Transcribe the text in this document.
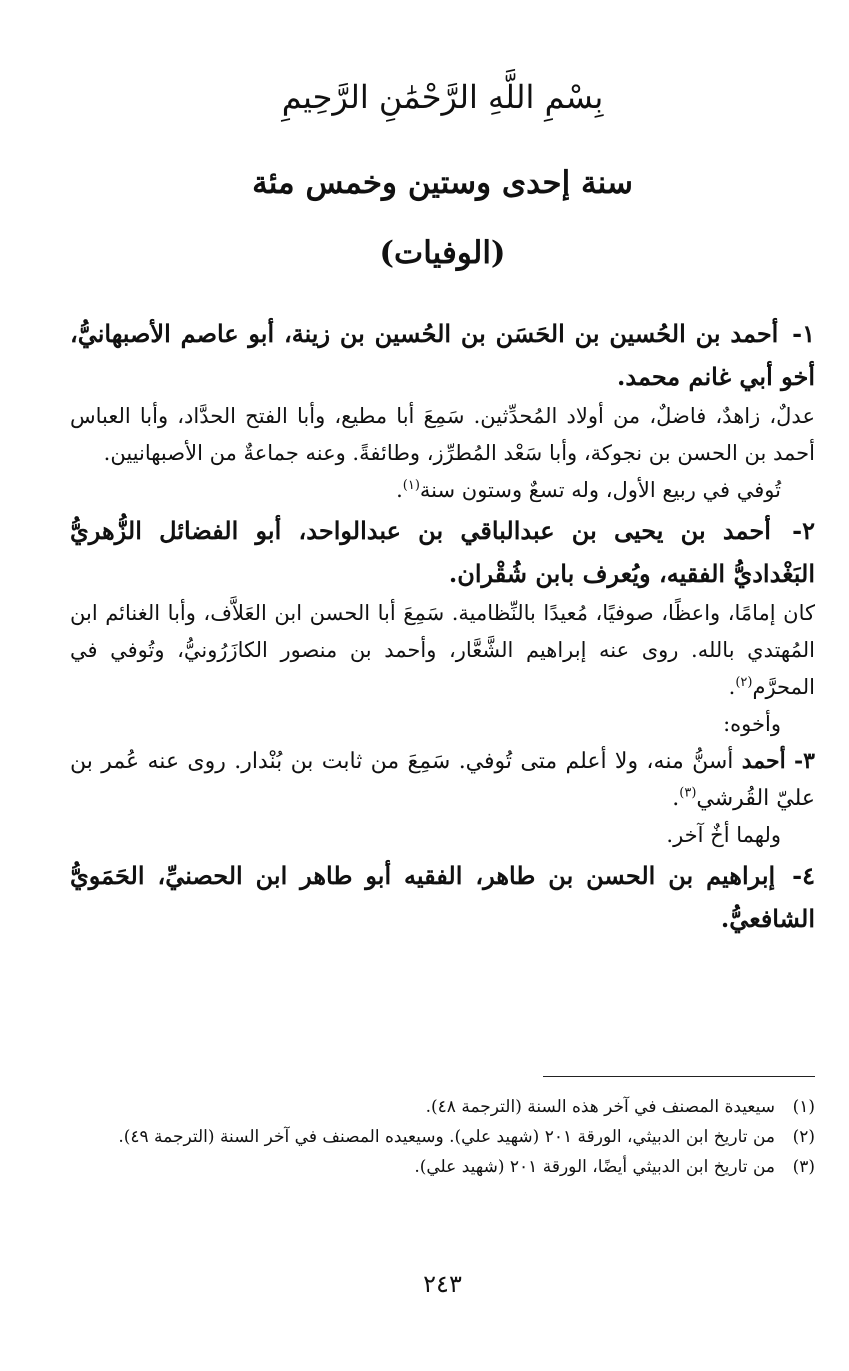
بِسْمِ اللَّهِ الرَّحْمَٰنِ الرَّحِيمِ
سنة إحدى وستين وخمس مئة
(الوفيات)
١- أحمد بن الحُسين بن الحَسَن بن الحُسين بن زينة، أبو عاصم الأصبهانيُّ، أخو أبي غانم محمد.
عدلٌ، زاهدٌ، فاضلٌ، من أولاد المُحدِّثين. سَمِعَ أبا مطيع، وأبا الفتح الحدَّاد، وأبا العباس أحمد بن الحسن بن نجوكة، وأبا سَعْد المُطرِّز، وطائفةً. وعنه جماعةٌ من الأصبهانيين.
تُوفي في ربيع الأول، وله تسعٌ وستون سنة$^{(١)}$.
٢- أحمد بن يحيى بن عبدالباقي بن عبدالواحد، أبو الفضائل الزُّهريُّ البَغْداديُّ الفقيه، ويُعرف بابن شُقْران.
كان إمامًا، واعظًا، صوفيًا، مُعيدًا بالنِّظامية. سَمِعَ أبا الحسن ابن العَلاَّف، وأبا الغنائم ابن المُهتدي بالله. روى عنه إبراهيم الشَّعَّار، وأحمد بن منصور الكازَرُونيُّ، وتُوفي في المحرَّم$^{(٢)}$.
وأخوه:
٣- أحمد أسنُّ منه، ولا أعلم متى تُوفي. سَمِعَ من ثابت بن بُنْدار. روى عنه عُمر بن عليّ القُرشي$^{(٣)}$.
ولهما أخٌ آخر.
٤- إبراهيم بن الحسن بن طاهر، الفقيه أبو طاهر ابن الحصنيِّ، الحَمَويُّ الشافعيُّ.
(١)
سيعيدة المصنف في آخر هذه السنة (الترجمة ٤٨).
(٢)
من تاريخ ابن الدبيثي، الورقة ٢٠١ (شهيد علي). وسيعيده المصنف في آخر السنة (الترجمة ٤٩).
(٣)
من تاريخ ابن الدبيثي أيضًا، الورقة ٢٠١ (شهيد علي).
٢٤٣
